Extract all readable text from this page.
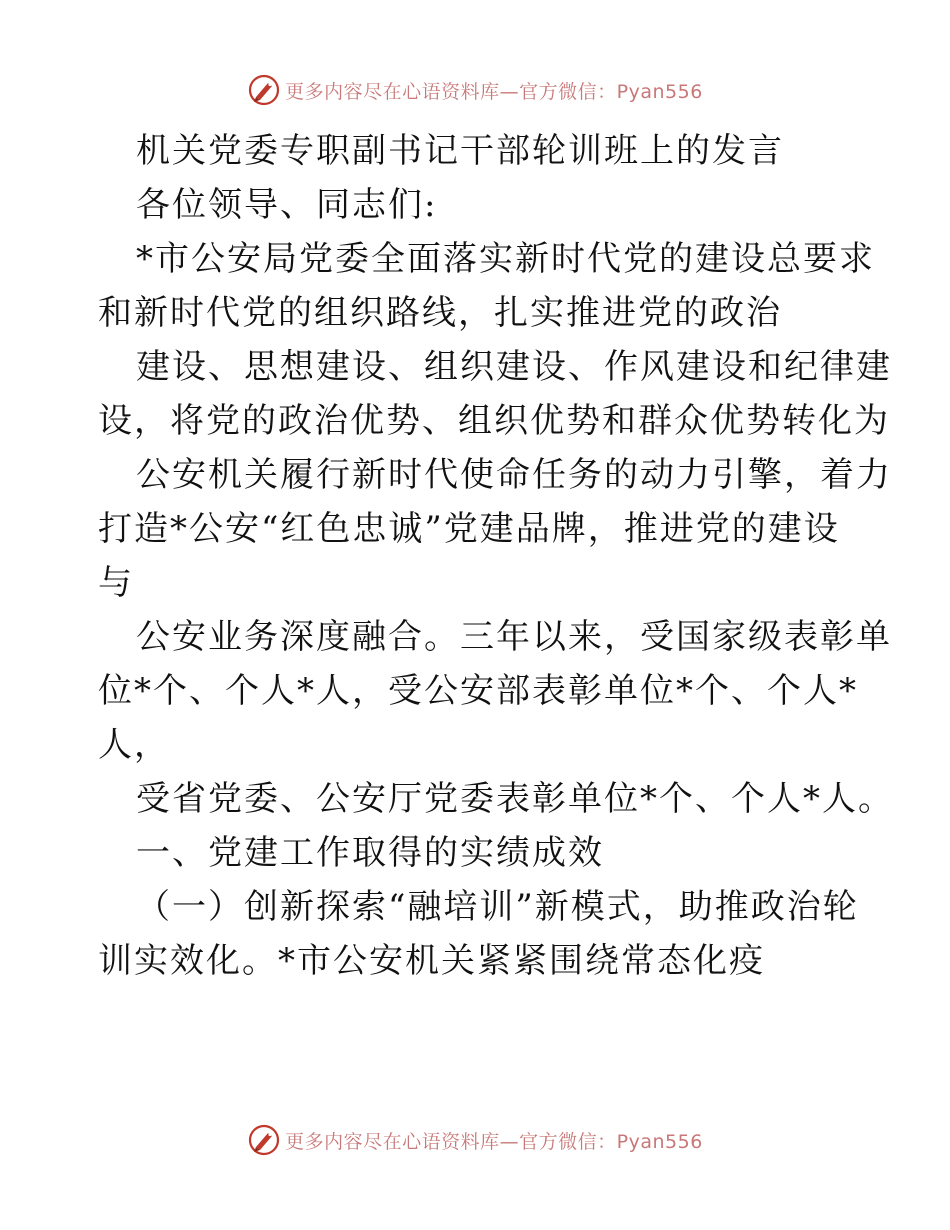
更多内容尽在心语资料库—官方微信：Pyan556
机关党委专职副书记干部轮训班上的发言
各位领导、同志们:
*市公安局党委全面落实新时代党的建设总要求
和新时代党的组织路线，扎实推进党的政治
建设、思想建设、组织建设、作风建设和纪律建
设，将党的政治优势、组织优势和群众优势转化为
公安机关履行新时代使命任务的动力引擎，着力
打造*公安“红色忠诚”党建品牌，推进党的建设
与
公安业务深度融合。三年以来，受国家级表彰单
位*个、个人*人，受公安部表彰单位*个、个人*
人，
受省党委、公安厅党委表彰单位*个、个人*人。
一、党建工作取得的实绩成效
（一）创新探索“融培训”新模式，助推政治轮
训实效化。*市公安机关紧紧围绕常态化疫
更多内容尽在心语资料库—官方微信：Pyan556
